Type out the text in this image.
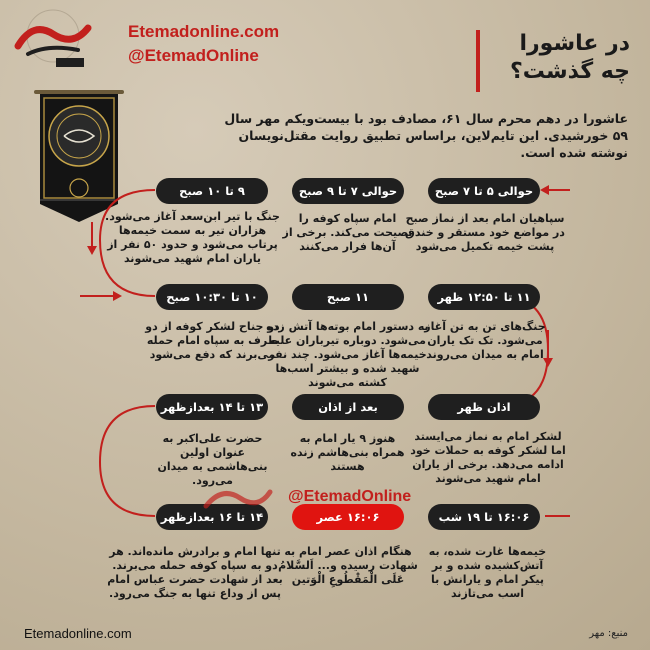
Etemadonline.com
@EtemadOnline	در عاشورا
چه گذشت؟
عاشورا در دهم محرم سال ۶۱، مصادف بود با بیست‌ویکم مهر سال ۵۹ خورشیدی. این تایم‌لاین، براساس تطبیق روایت مقتل‌نویسان نوشته شده است.
حوالی ۵ تا ۷ صبح
سپاهیان امام بعد از نماز صبح در مواضع خود مستقر و خندق پشت خیمه تکمیل می‌شود
حوالی ۷ تا ۹ صبح
امام سپاه کوفه را نصیحت می‌کند. برخی از آن‌ها فرار می‌کنند
۹ تا ۱۰ صبح
جنگ با تیر ابن‌سعد آغاز می‌شود. هزاران تیر به سمت خیمه‌ها پرتاب می‌شود و حدود ۵۰ نفر از یاران امام شهید می‌شوند
۱۰ تا ۱۰:۳۰ صبح
دو جناح لشکر کوفه از دو طرف به سپاه امام حمله می‌برند که دفع می‌شود
۱۱ صبح
به دستور امام بوته‌ها آتش زده می‌شود. دوباره تیرباران علیه خیمه‌ها آغاز می‌شود. چند نفر شهید شده و بیشتر اسب‌ها کشته می‌شوند
۱۱ تا ۱۲:۵۰ ظهر
جنگ‌های تن به تن آغاز می‌شود. تک تک یاران امام به میدان می‌روند
اذان ظهر
لشکر امام به نماز می‌ایستد اما لشکر کوفه به حملات خود ادامه می‌دهد. برخی از یاران امام شهید می‌شوند
بعد از اذان
هنوز ۹ یار امام به همراه بنی‌هاشم زنده هستند
۱۳ تا ۱۴ بعدازظهر
حضرت علی‌اکبر به عنوان اولین بنی‌هاشمی به میدان می‌رود.
۱۴ تا ۱۶ بعدازظهر
تنها امام و برادرش مانده‌اند. هر دو به سپاه کوفه حمله می‌برند. بعد از شهادت حضرت عباس امام پس از وداع تنها به جنگ می‌رود.
۱۶:۰۶ عصر
هنگام اذان عصر امام به شهادت رسیده و... اَلسَّلامُ عَلَی الْمَقْطُوعِ الْوَتین
۱۶:۰۶ تا ۱۹ شب
خیمه‌ها غارت شده، به آتش‌کشیده شده و بر پیکر امام و یارانش با اسب می‌تازند
@EtemadOnline
Etemadonline.com	منبع: مهر
